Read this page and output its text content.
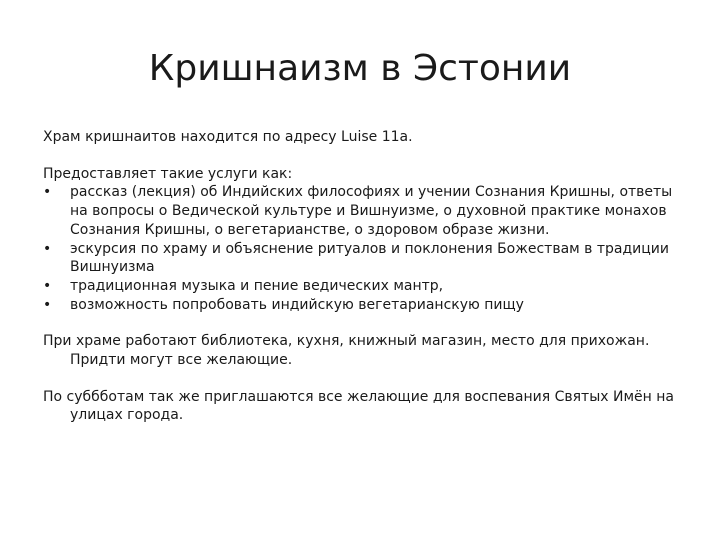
Кришнаизм в Эстонии

Храм кришнаитов находится по адресу Luise 11a.

Предоставляет такие услуги как:

•	рассказ (лекция) об Индийских философиях и учении Сознания Кришны, ответы на вопросы о Ведической культуре и Вишнуизме, о духовной практике монахов Сознания Кришны, о вегетарианстве, о здоровом образе жизни.
•	эскурсия по храму и объяснение ритуалов и поклонения Божествам в традиции Вишнуизма
•	традиционная музыка и пение ведических мантр,
•	возможность попробовать индийскую вегетарианскую пищу

При храме работают библиотека, кухня, книжный магазин, место для прихожан. Придти могут все желающие.

По суббботам так же приглашаются все желающие для воспевания Святых Имён на улицах города.
